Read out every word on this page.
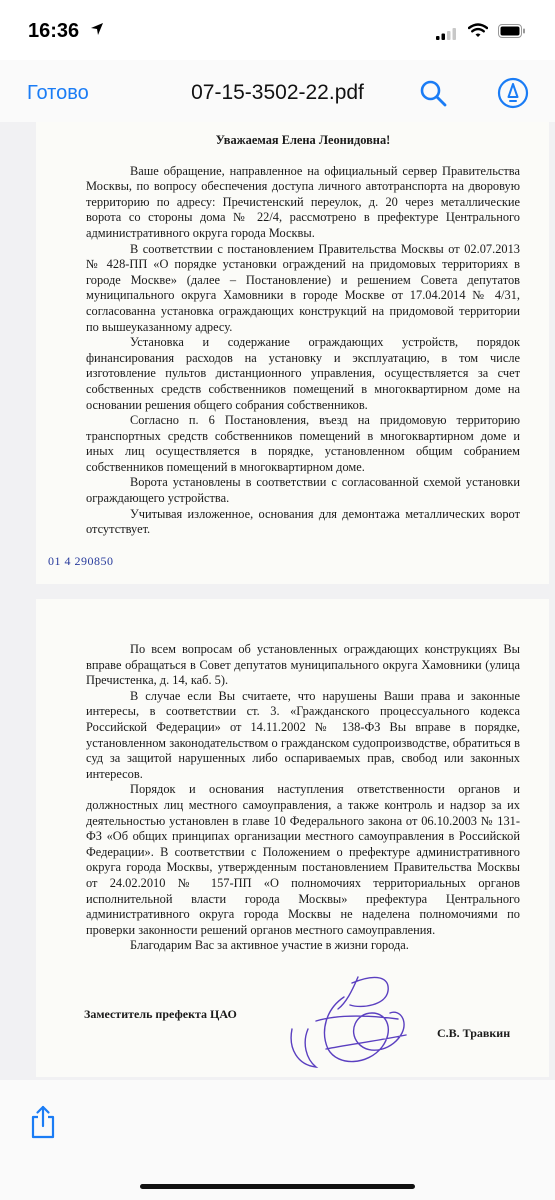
16:36
Готово	07-15-3502-22.pdf

Уважаемая Елена Леонидовна!

Ваше обращение, направленное на официальный сервер Правительства Москвы, по вопросу обеспечения доступа личного автотранспорта на дворовую территорию по адресу: Пречистенский переулок, д. 20 через металлические ворота со стороны дома № 22/4, рассмотрено в префектуре Центрального административного округа города Москвы.

В соответствии с постановлением Правительства Москвы от 02.07.2013 № 428-ПП «О порядке установки ограждений на придомовых территориях в городе Москве» (далее – Постановление) и решением Совета депутатов муниципального округа Хамовники в городе Москве от 17.04.2014 № 4/31, согласованна установка ограждающих конструкций на придомовой территории по вышеуказанному адресу.

Установка и содержание ограждающих устройств, порядок финансирования расходов на установку и эксплуатацию, в том числе изготовление пультов дистанционного управления, осуществляется за счет собственных средств собственников помещений в многоквартирном доме на основании решения общего собрания собственников.

Согласно п. 6 Постановления, въезд на придомовую территорию транспортных средств собственников помещений в многоквартирном доме и иных лиц осуществляется в порядке, установленном общим собранием собственников помещений в многоквартирном доме.

Ворота установлены в соответствии с согласованной схемой установки ограждающего устройства.

Учитывая изложенное, основания для демонтажа металлических ворот отсутствует.

01 4 290850

По всем вопросам об установленных ограждающих конструкциях Вы вправе обращаться в Совет депутатов муниципального округа Хамовники (улица Пречистенка, д. 14, каб. 5).

В случае если Вы считаете, что нарушены Ваши права и законные интересы, в соответствии ст. 3. «Гражданского процессуального кодекса Российской Федерации» от 14.11.2002 № 138-ФЗ Вы вправе в порядке, установленном законодательством о гражданском судопроизводстве, обратиться в суд за защитой нарушенных либо оспариваемых прав, свобод или законных интересов.

Порядок и основания наступления ответственности органов и должностных лиц местного самоуправления, а также контроль и надзор за их деятельностью установлен в главе 10 Федерального закона от 06.10.2003 № 131-ФЗ «Об общих принципах организации местного самоуправления в Российской Федерации». В соответствии с Положением о префектуре административного округа города Москвы, утвержденным постановлением Правительства Москвы от 24.02.2010 № 157-ПП «О полномочиях территориальных органов исполнительной власти города Москвы» префектура Центрального административного округа города Москвы не наделена полномочиями по проверки законности решений органов местного самоуправления.

Благодарим Вас за активное участие в жизни города.

Заместитель префекта ЦАО
С.В. Травкин
